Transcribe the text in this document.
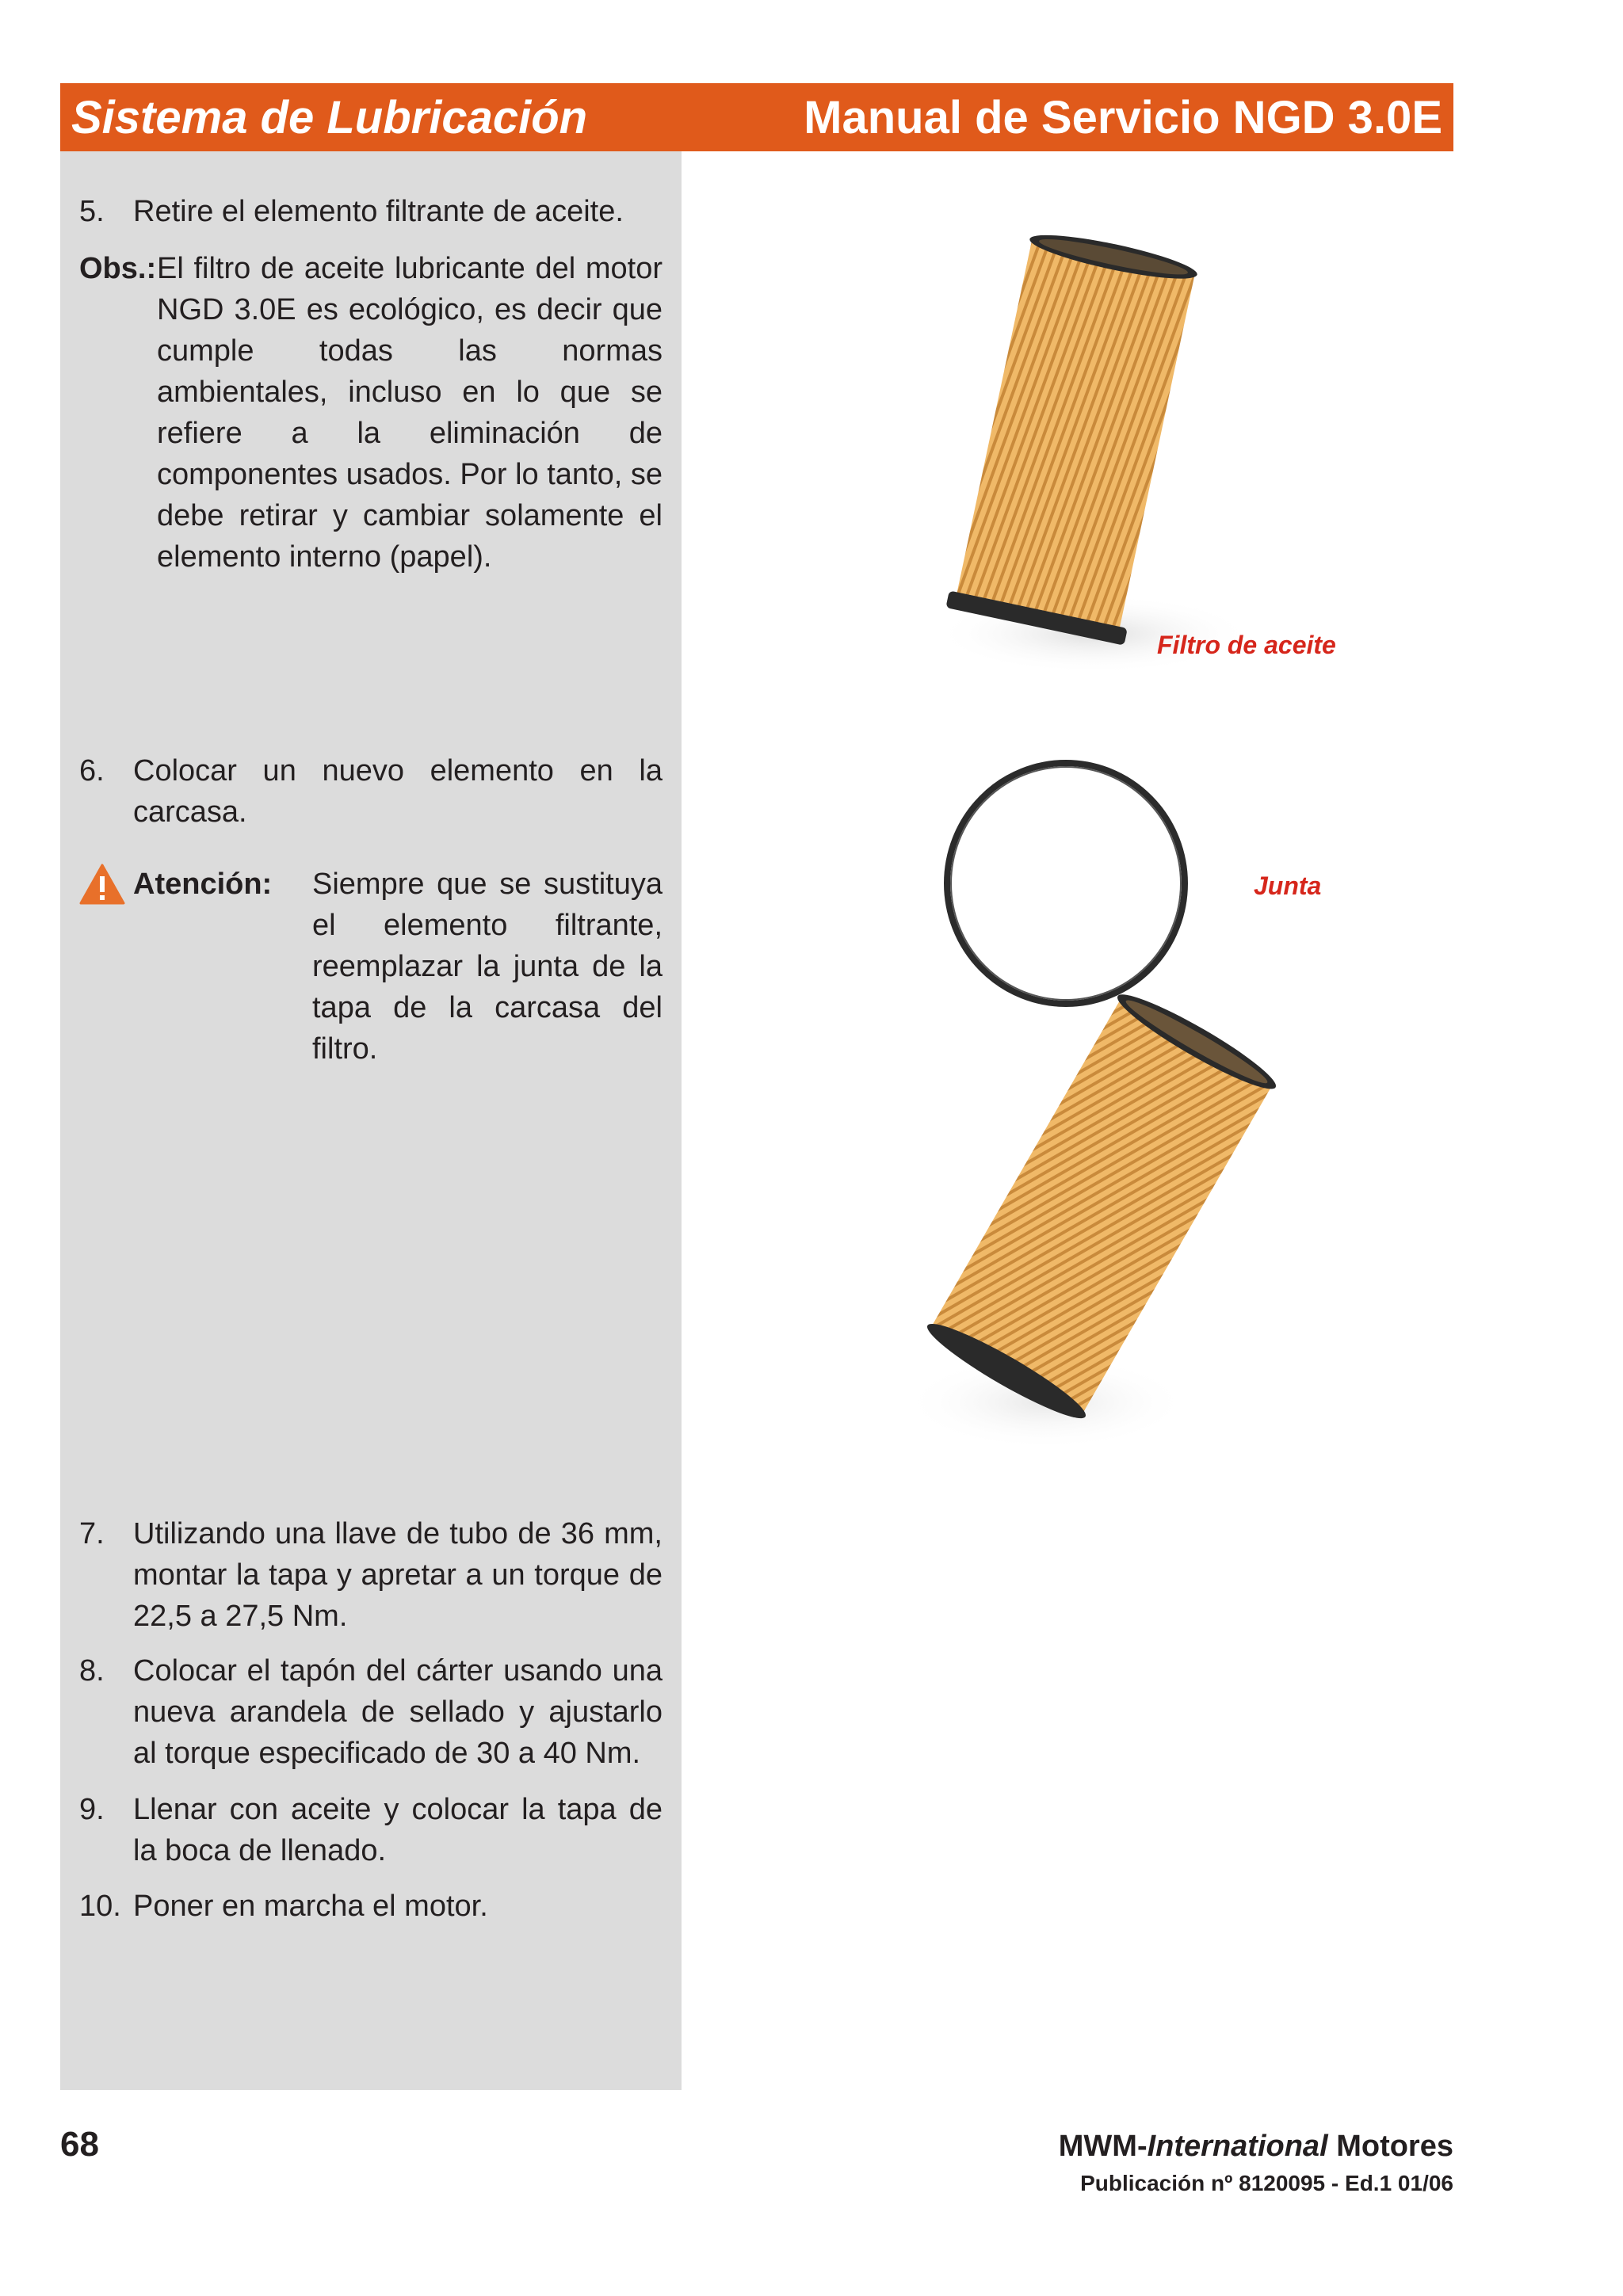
Sistema de Lubricación	Manual de Servicio NGD 3.0E
5. Retire el elemento filtrante de aceite.
Obs.: El filtro de aceite lubricante del motor NGD 3.0E es ecológico, es decir que cumple todas las normas ambientales, incluso en lo que se refiere a la eliminación de componentes usados. Por lo tanto, se debe retirar y cambiar solamente el elemento interno (papel).
6. Colocar un nuevo elemento en la carcasa.
Atención: Siempre que se sustituya el elemento filtrante, reemplazar la junta de la tapa de la carcasa del filtro.
7. Utilizando una llave de tubo de 36 mm, montar la tapa y apretar a un torque de 22,5 a 27,5 Nm.
8. Colocar el tapón del cárter usando una nueva arandela de sellado y ajustarlo al torque especificado de 30 a 40 Nm.
9. Llenar con aceite y colocar la tapa de la boca de llenado.
10. Poner en marcha el motor.
Filtro de aceite
Junta
68	MWM-International Motores
Publicación nº 8120095 - Ed.1 01/06
